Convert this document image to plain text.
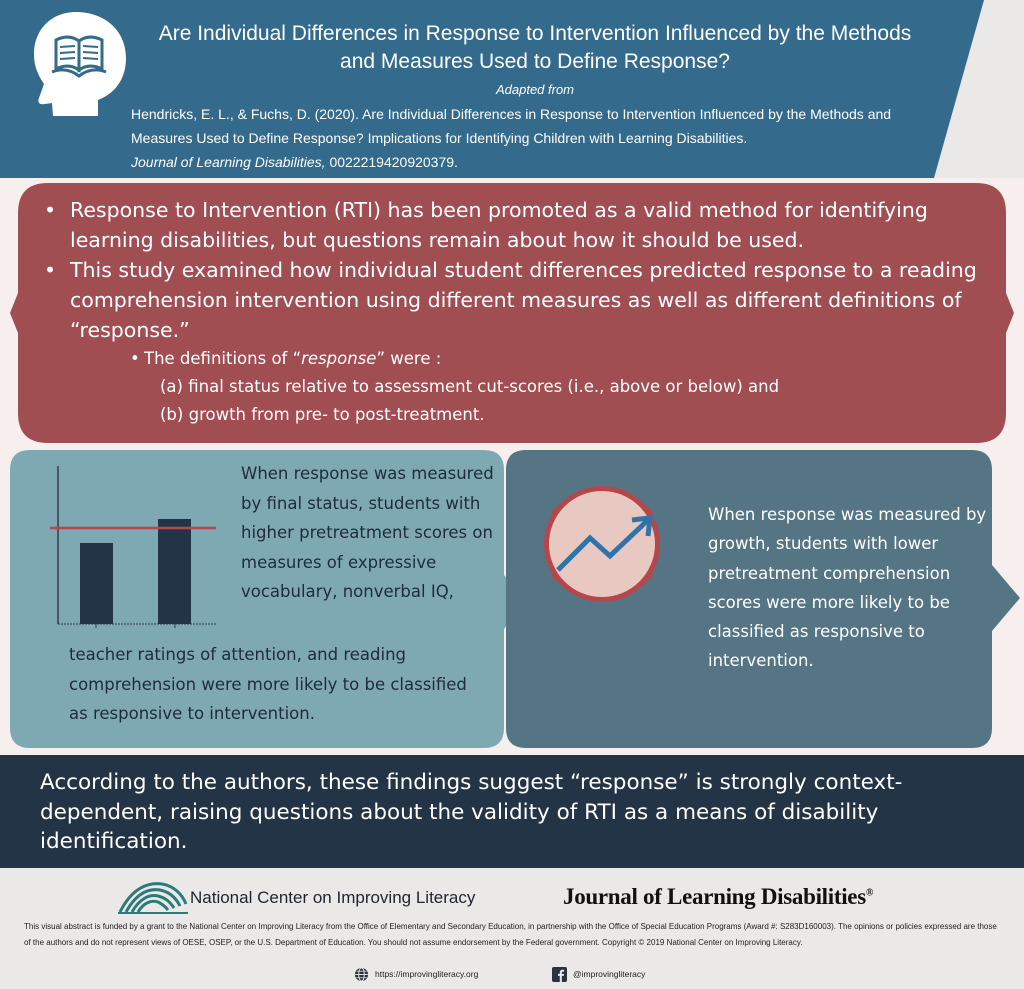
Are Individual Differences in Response to Intervention Influenced by the Methods and Measures Used to Define Response?
Adapted from
Hendricks, E. L., & Fuchs, D. (2020). Are Individual Differences in Response to Intervention Influenced by the Methods and Measures Used to Define Response? Implications for Identifying Children with Learning Disabilities.
Journal of Learning Disabilities, 0022219420920379.
• Response to Intervention (RTI) has been promoted as a valid method for identifying learning disabilities, but questions remain about how it should be used.
• This study examined how individual student differences predicted response to a reading comprehension intervention using different measures as well as different definitions of “response.”
• The definitions of “response” were :
(a) final status relative to assessment cut-scores (i.e., above or below) and
(b) growth from pre- to post-treatment.
When response was measured by final status, students with higher pretreatment scores on measures of expressive vocabulary, nonverbal IQ,
teacher ratings of attention, and reading comprehension were more likely to be classified as responsive to intervention.
When response was measured by growth, students with lower pretreatment comprehension scores were more likely to be classified as responsive to intervention.
According to the authors, these findings suggest “response” is strongly context-dependent, raising questions about the validity of RTI as a means of disability identification.
National Center on Improving Literacy	Journal of Learning Disabilities®
This visual abstract is funded by a grant to the National Center on Improving Literacy from the Office of Elementary and Secondary Education, in partnership with the Office of Special Education Programs (Award #: S283D160003). The opinions or policies expressed are those of the authors and do not represent views of OESE, OSEP, or the U.S. Department of Education. You should not assume endorsement by the Federal government. Copyright © 2019 National Center on Improving Literacy.
https://improvingliteracy.org	@improvingliteracy
